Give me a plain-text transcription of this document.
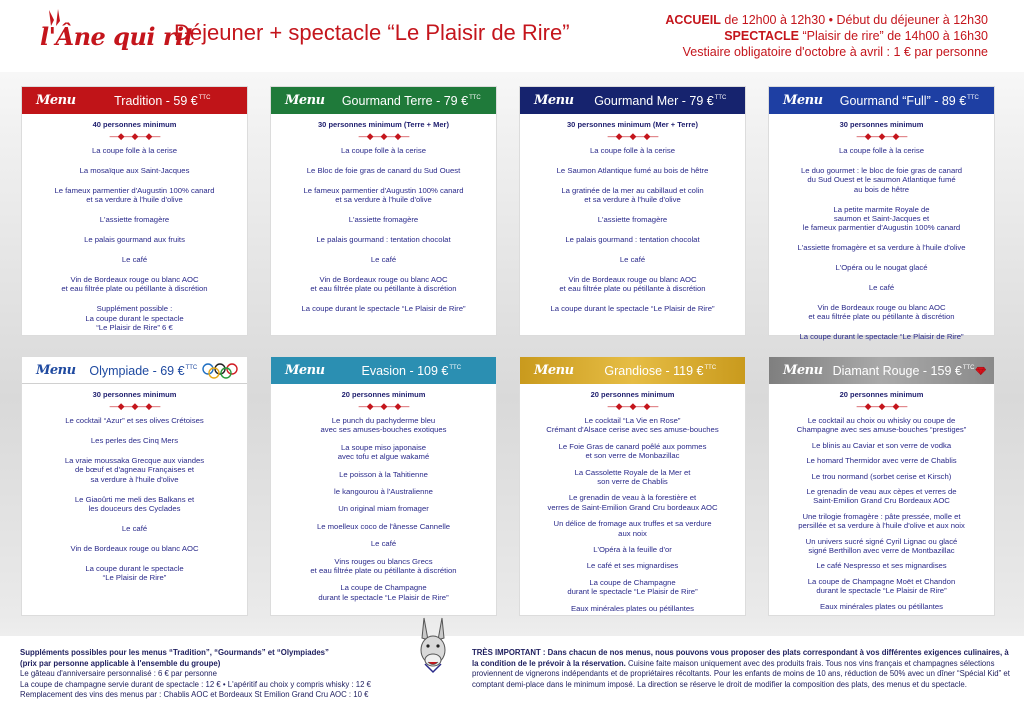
l'Âne qui rit
Déjeuner + spectacle “Le Plaisir de Rire”	ACCUEIL de 12h00 à 12h30 • Début du déjeuner à 12h30
SPECTACLE “Plaisir de rire” de 14h00 à 16h30
Vestiaire obligatoire d'octobre à avril : 1 € par personne
Menu	Tradition - 59 €$^{TTC}$
40 personnes minimum
—◆—◆—◆—

La coupe folle à la cerise

La mosaïque aux Saint-Jacques

Le fameux parmentier d'Augustin 100% canard
et sa verdure à l'huile d'olive

L'assiette fromagère

Le palais gourmand aux fruits

Le café

Vin de Bordeaux rouge ou blanc AOC
et eau filtrée plate ou pétillante à discrétion

Supplément possible :
La coupe durant le spectacle
“Le Plaisir de Rire” 6 €

Menu	Gourmand Terre - 79 €$^{TTC}$
30 personnes minimum (Terre + Mer)
—◆—◆—◆—

La coupe folle à la cerise

Le Bloc de foie gras de canard du Sud Ouest

Le fameux parmentier d'Augustin 100% canard
et sa verdure à l'huile d'olive

L'assiette fromagère

Le palais gourmand : tentation chocolat

Le café

Vin de Bordeaux rouge ou blanc AOC
et eau filtrée plate ou pétillante à discrétion

La coupe durant le spectacle “Le Plaisir de Rire”

Menu	Gourmand Mer - 79 €$^{TTC}$
30 personnes minimum (Mer + Terre)
—◆—◆—◆—

La coupe folle à la cerise

Le Saumon Atlantique fumé au bois de hêtre

La gratinée de la mer au cabillaud et colin
et sa verdure à l'huile d'olive

L'assiette fromagère

Le palais gourmand : tentation chocolat

Le café

Vin de Bordeaux rouge ou blanc AOC
et eau filtrée plate ou pétillante à discrétion

La coupe durant le spectacle “Le Plaisir de Rire”

Menu	Gourmand “Full” - 89 €$^{TTC}$
30 personnes minimum
—◆—◆—◆—

La coupe folle à la cerise

Le duo gourmet : le bloc de foie gras de canard
du Sud Ouest et le saumon Atlantique fumé
au bois de hêtre

La petite marmite Royale de
saumon et Saint-Jacques et
le fameux parmentier d'Augustin 100% canard

L'assiette fromagère et sa verdure à l'huile d'olive

L'Opéra ou le nougat glacé

Le café

Vin de Bordeaux rouge ou blanc AOC
et eau filtrée plate ou pétillante à discrétion

La coupe durant le spectacle “Le Plaisir de Rire”

Menu	Olympiade - 69 €$^{TTC}$
30 personnes minimum
—◆—◆—◆—

Le cocktail “Azur” et ses olives Crétoises

Les perles des Cinq Mers

La vraie moussaka Grecque aux viandes
de bœuf et d'agneau Françaises et
sa verdure à l'huile d'olive

Le Giaoûrti me meli des Balkans et
les douceurs des Cyclades

Le café

Vin de Bordeaux rouge ou blanc AOC

La coupe durant le spectacle
“Le Plaisir de Rire”

Menu	Evasion - 109 €$^{TTC}$
20 personnes minimum
—◆—◆—◆—

Le punch du pachyderme bleu
avec ses amuses-bouches exotiques

La soupe miso japonaise
avec tofu et algue wakamé

Le poisson à la Tahitienne

le kangourou à l'Australienne

Un original miam fromager

Le moelleux coco de l'ânesse Cannelle

Le café

Vins rouges ou blancs Grecs
et eau filtrée plate ou pétillante à discrétion

La coupe de Champagne
durant le spectacle “Le Plaisir de Rire”

Menu	Grandiose - 119 €$^{TTC}$
20 personnes minimum
—◆—◆—◆—

Le cocktail “La Vie en Rose”
Crémant d'Alsace cerise avec ses amuse-bouches

Le Foie Gras de canard poêlé aux pommes
et son verre de Monbazillac

La Cassolette Royale de la Mer et
son verre de Chablis

Le grenadin de veau à la forestière et
verres de Saint-Emilion Grand Cru bordeaux AOC

Un délice de fromage aux truffes et sa verdure
aux noix

L'Opéra à la feuille d'or

Le café et ses mignardises

La coupe de Champagne
durant le spectacle “Le Plaisir de Rire”

Eaux minérales plates ou pétillantes

Menu Diamant Rouge - 159 €$^{TTC}$
20 personnes minimum
—◆—◆—◆—

Le cocktail au choix ou whisky ou coupe de
Champagne avec ses amuse-bouches “prestiges”

Le blinis au Caviar et son verre de vodka

Le homard Thermidor avec verre de Chablis

Le trou normand (sorbet cerise et Kirsch)

Le grenadin de veau aux cèpes et verres de
Saint-Emilion Grand Cru Bordeaux AOC

Une trilogie fromagère : pâte pressée, molle et
persillée et sa verdure à l'huile d'olive et aux noix

Un univers sucré signé Cyril Lignac ou glacé
signé Berthillon avec verre de Montbazillac

Le café Nespresso et ses mignardises

La coupe de Champagne Moët et Chandon
durant le spectacle “Le Plaisir de Rire”

Eaux minérales plates ou pétillantes

Suppléments possibles pour les menus “Tradition”, “Gourmands” et “Olympiades”
(prix par personne applicable à l'ensemble du groupe)
Le gâteau d'anniversaire personnalisé : 6 € par personne
La coupe de champagne servie durant de spectacle : 12 € • L'apéritif au choix y compris whisky : 12 €
Remplacement des vins des menus par : Chablis AOC et Bordeaux St Emilion Grand Cru AOC : 10 €
TRÈS IMPORTANT : Dans chacun de nos menus, nous pouvons vous proposer des plats correspondant à vos différentes exigences culinaires, à la condition de le prévoir à la réservation. Cuisine faite maison uniquement avec des produits frais. Tous nos vins français et champagnes sélections proviennent de vignerons indépendants et de propriétaires récoltants. Pour les enfants de moins de 10 ans, réduction de 50% avec un dîner “Spécial Kid” et comptant demi-place dans le minimum imposé. La direction se réserve le droit de modifier la composition des plats, des menus et du spectacle.
